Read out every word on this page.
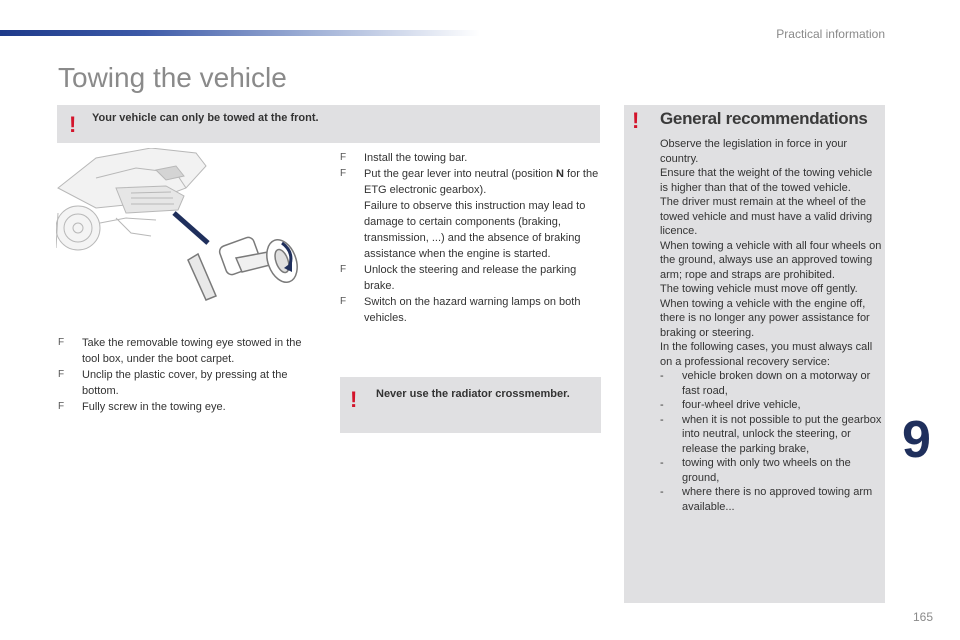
Practical information
Towing the vehicle
! Your vehicle can only be towed at the front.
F Take the removable towing eye stowed in the tool box, under the boot carpet.
F Unclip the plastic cover, by pressing at the bottom.
F Fully screw in the towing eye.
F Install the towing bar.
F Put the gear lever into neutral (position N for the ETG electronic gearbox).
Failure to observe this instruction may lead to damage to certain components (braking, transmission, ...) and the absence of braking assistance when the engine is started.
F Unlock the steering and release the parking brake.
F Switch on the hazard warning lamps on both vehicles.
! Never use the radiator crossmember.
! General recommendations

Observe the legislation in force in your country.

Ensure that the weight of the towing vehicle is higher than that of the towed vehicle.

The driver must remain at the wheel of the towed vehicle and must have a valid driving licence.

When towing a vehicle with all four wheels on the ground, always use an approved towing arm; rope and straps are prohibited.

The towing vehicle must move off gently.

When towing a vehicle with the engine off, there is no longer any power assistance for braking or steering.

In the following cases, you must always call on a professional recovery service:

- vehicle broken down on a motorway or fast road,
- four-wheel drive vehicle,
- when it is not possible to put the gearbox into neutral, unlock the steering, or release the parking brake,
- towing with only two wheels on the ground,
- where there is no approved towing arm available...
9
165
